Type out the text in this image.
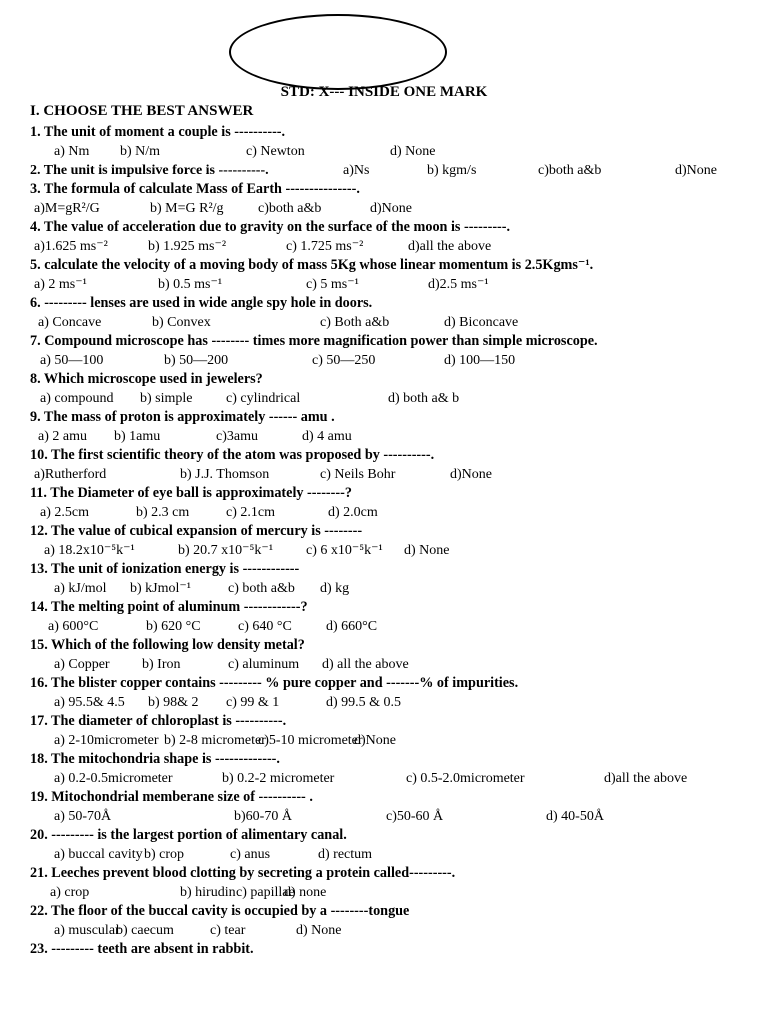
STD: X--- INSIDE ONE MARK
I. CHOOSE THE BEST ANSWER
1. The unit of moment a couple is ----------.
a) Nm b) N/m	c) Newton	d) None
2. The unit is impulsive force is ----------.	a)Ns	b) kgm/s	c)both a&b	d)None
3. The formula of calculate Mass of Earth ---------------.
a)M=gR²/G	b) M=G R²/g c)both a&b	d)None
4. The value of acceleration due to gravity on the surface of the moon is ---------.
a)1.625 ms⁻²	b) 1.925 ms⁻²	c) 1.725 ms⁻²	d)all the above
5. calculate the velocity of a moving body of mass 5Kg whose linear momentum is 2.5Kgms⁻¹.
a) 2 ms⁻¹	b) 0.5 ms⁻¹	c) 5 ms⁻¹	d)2.5 ms⁻¹
6. --------- lenses are used in wide angle spy hole in doors.
a) Concave	b) Convex	c) Both a&b	d) Biconcave
7. Compound microscope has -------- times more magnification power than simple microscope.
a) 50—100	b) 50—200	c) 50—250	d) 100—150
8. Which microscope used in jewelers?
a) compound b) simple c) cylindrical	d) both a& b
9. The mass of proton is approximately ------ amu .
a) 2 amu b) 1amu	c)3amu	d) 4 amu
10. The first scientific theory of the atom was proposed by ----------.
a)Rutherford	b) J.J. Thomson	c) Neils Bohr	d)None
11. The Diameter of eye ball is approximately --------?
a) 2.5cm	b) 2.3 cm	c) 2.1cm	d) 2.0cm
12. The value of cubical expansion of mercury is --------
a) 18.2x10⁻⁵k⁻¹	b) 20.7 x10⁻⁵k⁻¹ c) 6 x10⁻⁵k⁻¹ d) None
13. The unit of ionization energy is ------------
a) kJ/mol b) kJmol⁻¹	c) both a&b d) kg
14. The melting point of aluminum ------------?
a) 600°C	b) 620 °C	c) 640 °C d) 660°C
15. Which of the following low density metal?
a) Copper b) Iron	c) aluminum d) all the above
16. The blister copper contains --------- % pure copper and -------% of impurities.
a) 95.5& 4.5 b) 98& 2 c) 99 & 1	d) 99.5 & 0.5
17. The diameter of chloroplast is ----------.
a) 2-10micrometer b) 2-8 micrometer
c)5-10 micrometer
d)None
18. The mitochondria shape is -------------.
a) 0.2-0.5micrometer	b) 0.2-2 micrometer	c) 0.5-2.0micrometer	d)all the above
19. Mitochondrial memberane size of ---------- .
a) 50-70Å	b)60-70 Å	c)50-60 Å	d) 40-50Å
20. --------- is the largest portion of alimentary canal.
a) buccal cavity b) crop	c) anus	d) rectum
21. Leeches prevent blood clotting by secreting a protein called---------.
a) crop	b) hirudin c) papillae
d) none
22. The floor of the buccal cavity is occupied by a --------tongue
a) muscular
b) caecum	c) tear	d) None
23. --------- teeth are absent in rabbit.
